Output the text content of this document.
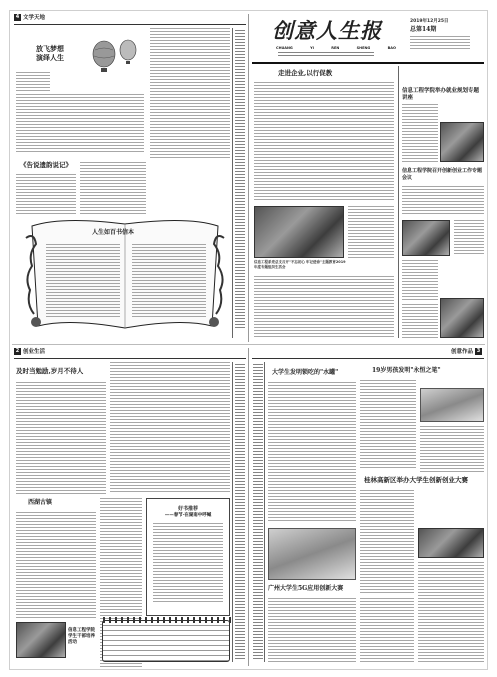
4 文学天地
放飞梦想
演绎人生
《告说遗韵说记》
人生如百书信本
创意人生报
CHUANG	YI	REN	SHENG	BAO
2019年12月25日
总第14期
走进企业,以行促教
信息工程系党总支召开"不忘初心 牢记使命"主题教育2019年度专题组织生活会
信息工程学院举办就业规划专题讲座
信息工程学院召开创新创业工作专题会议
2 创业生活
及时当勉励,岁月不待人
西湖古镇
好书推荐
——春节·在湖南中呼喊
信息工程学院学生干部培养活动
创意作品 3
大学生发明锁吃的"水罐"	19岁男孩发明"永恒之笔"
桂林高新区举办大学生创新创业大赛
广州大学生5G应用创新大赛
